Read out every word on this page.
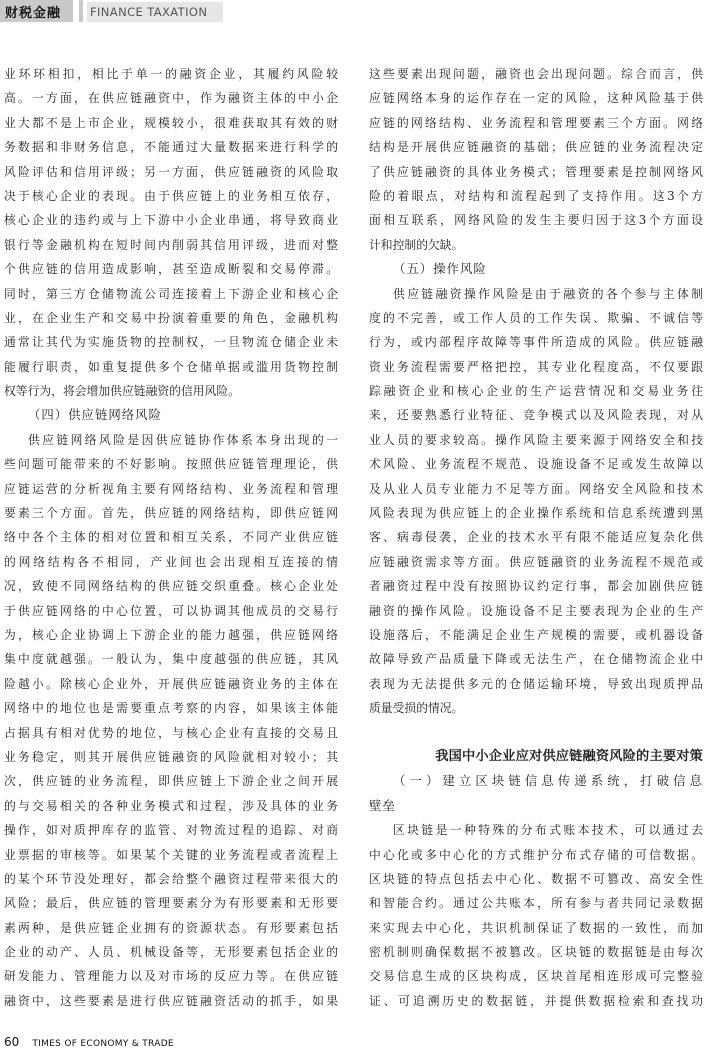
财税金融	FINANCE TAXATION
业环环相扣，相比于单一的融资企业，其履约风险较
高。一方面，在供应链融资中，作为融资主体的中小企
业大都不是上市企业，规模较小，很难获取其有效的财
务数据和非财务信息，不能通过大量数据来进行科学的
风险评估和信用评级；另一方面，供应链融资的风险取
决于核心企业的表现。由于供应链上的业务相互依存，
核心企业的违约或与上下游中小企业串通，将导致商业
银行等金融机构在短时间内削弱其信用评级，进而对整
个供应链的信用造成影响，甚至造成断裂和交易停滞。
同时，第三方仓储物流公司连接着上下游企业和核心企
业，在企业生产和交易中扮演着重要的角色，金融机构
通常让其代为实施货物的控制权，一旦物流仓储企业未
能履行职责，如重复提供多个仓储单据或滥用货物控制
权等行为，将会增加供应链融资的信用风险。
（四）供应链网络风险
供应链网络风险是因供应链协作体系本身出现的一
些问题可能带来的不好影响。按照供应链管理理论，供
应链运营的分析视角主要有网络结构、业务流程和管理
要素三个方面。首先，供应链的网络结构，即供应链网
络中各个主体的相对位置和相互关系，不同产业供应链
的网络结构各不相同，产业间也会出现相互连接的情
况，致使不同网络结构的供应链交织重叠。核心企业处
于供应链网络的中心位置，可以协调其他成员的交易行
为，核心企业协调上下游企业的能力越强，供应链网络
集中度就越强。一般认为，集中度越强的供应链，其风
险越小。除核心企业外，开展供应链融资业务的主体在
网络中的地位也是需要重点考察的内容，如果该主体能
占据具有相对优势的地位，与核心企业有直接的交易且
业务稳定，则其开展供应链融资的风险就相对较小；其
次，供应链的业务流程，即供应链上下游企业之间开展
的与交易相关的各种业务模式和过程，涉及具体的业务
操作，如对质押库存的监管、对物流过程的追踪、对商
业票据的审核等。如果某个关键的业务流程或者流程上
的某个环节没处理好，都会给整个融资过程带来很大的
风险；最后，供应链的管理要素分为有形要素和无形要
素两种，是供应链企业拥有的资源状态。有形要素包括
企业的动产、人员、机械设备等，无形要素包括企业的
研发能力、管理能力以及对市场的反应力等。在供应链
融资中，这些要素是进行供应链融资活动的抓手，如果
这些要素出现问题，融资也会出现问题。综合而言，供
应链网络本身的运作存在一定的风险，这种风险基于供
应链的网络结构、业务流程和管理要素三个方面。网络
结构是开展供应链融资的基础；供应链的业务流程决定
了供应链融资的具体业务模式；管理要素是控制网络风
险的着眼点，对结构和流程起到了支持作用。这3个方
面相互联系，网络风险的发生主要归因于这3个方面设
计和控制的欠缺。
（五）操作风险
供应链融资操作风险是由于融资的各个参与主体制
度的不完善，或工作人员的工作失误、欺骗、不诚信等
行为，或内部程序故障等事件所造成的风险。供应链融
资业务流程需要严格把控，其专业化程度高，不仅要跟
踪融资企业和核心企业的生产运营情况和交易业务往
来，还要熟悉行业特征、竞争模式以及风险表现，对从
业人员的要求较高。操作风险主要来源于网络安全和技
术风险、业务流程不规范、设施设备不足或发生故障以
及从业人员专业能力不足等方面。网络安全风险和技术
风险表现为供应链上的企业操作系统和信息系统遭到黑
客、病毒侵袭，企业的技术水平有限不能适应复杂化供
应链融资需求等方面。供应链融资的业务流程不规范或
者融资过程中没有按照协议约定行事，都会加剧供应链
融资的操作风险。设施设备不足主要表现为企业的生产
设施落后，不能满足企业生产规模的需要，或机器设备
故障导致产品质量下降或无法生产，在仓储物流企业中
表现为无法提供多元的仓储运输环境，导致出现质押品
质量受损的情况。
我国中小企业应对供应链融资风险的主要对策
（一）建立区块链信息传递系统，打破信息
壁垒
区块链是一种特殊的分布式账本技术，可以通过去
中心化或多中心化的方式维护分布式存储的可信数据。
区块链的特点包括去中心化、数据不可篡改、高安全性
和智能合约。通过公共账本，所有参与者共同记录数据
来实现去中心化，共识机制保证了数据的一致性，而加
密机制则确保数据不被篡改。区块链的数据链是由每次
交易信息生成的区块构成，区块首尾相连形成可完整验
证、可追溯历史的数据链，并提供数据检索和查找功
60 TIMES OF ECONOMY & TRADE
